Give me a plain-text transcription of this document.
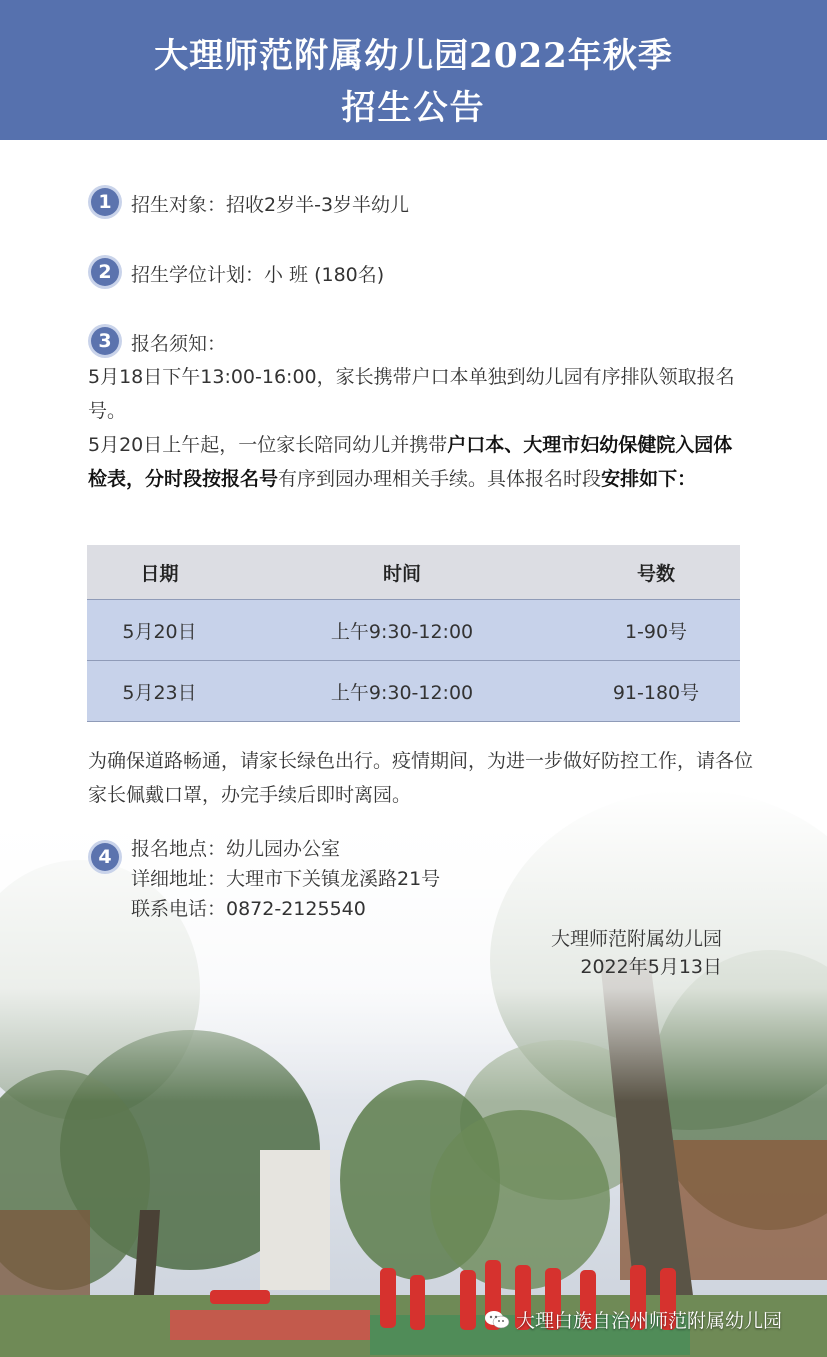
大理师范附属幼儿园2022年秋季
招生公告
1	招生对象：招收2岁半-3岁半幼儿
2	招生学位计划：小 班 (180名)
3	报名须知：
5月18日下午13:00-16:00，家长携带户口本单独到幼儿园有序排队领取报名号。
5月20日上午起，一位家长陪同幼儿并携带户口本、大理市妇幼保健院入园体检表，分时段按报名号有序到园办理相关手续。具体报名时段安排如下：
日期	时间	号数
5月20日	上午9:30-12:00	1-90号
5月23日	上午9:30-12:00	91-180号
为确保道路畅通，请家长绿色出行。疫情期间，为进一步做好防控工作，请各位家长佩戴口罩，办完手续后即时离园。
4	报名地点：幼儿园办公室
详细地址：大理市下关镇龙溪路21号
联系电话：0872-2125540
大理师范附属幼儿园
2022年5月13日
大理白族自治州师范附属幼儿园
